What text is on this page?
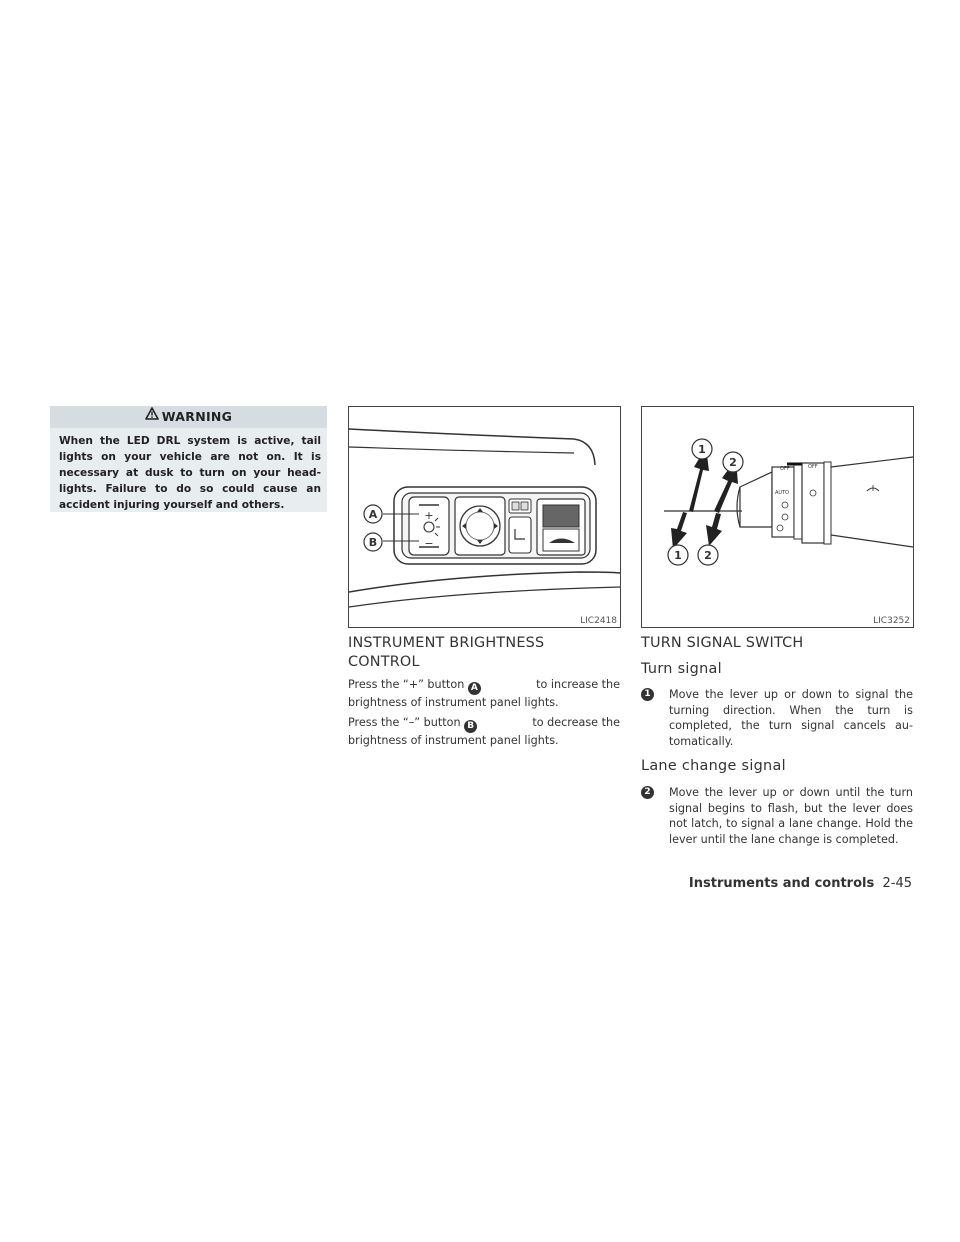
WARNING
When the LED DRL system is active, tail lights on your vehicle are not on. It is necessary at dusk to turn on your head-lights. Failure to do so could cause an accident injuring yourself and others.
+
−
A
B
LIC2418
OFF	OFF
AUTO
1
2
1 2
LIC3252
INSTRUMENT BRIGHTNESS
CONTROL
Press the “+” button A	to increase the
brightness of instrument panel lights.
Press the “–” button B	to decrease the
brightness of instrument panel lights.
TURN SIGNAL SWITCH
Turn signal
1	Move the lever up or down to signal the turning direction. When the turn is completed, the turn signal cancels au-tomatically.
Lane change signal
2	Move the lever up or down until the turn signal begins to flash, but the lever does not latch, to signal a lane change. Hold the lever until the lane change is completed.
Instruments and controls 2-45
